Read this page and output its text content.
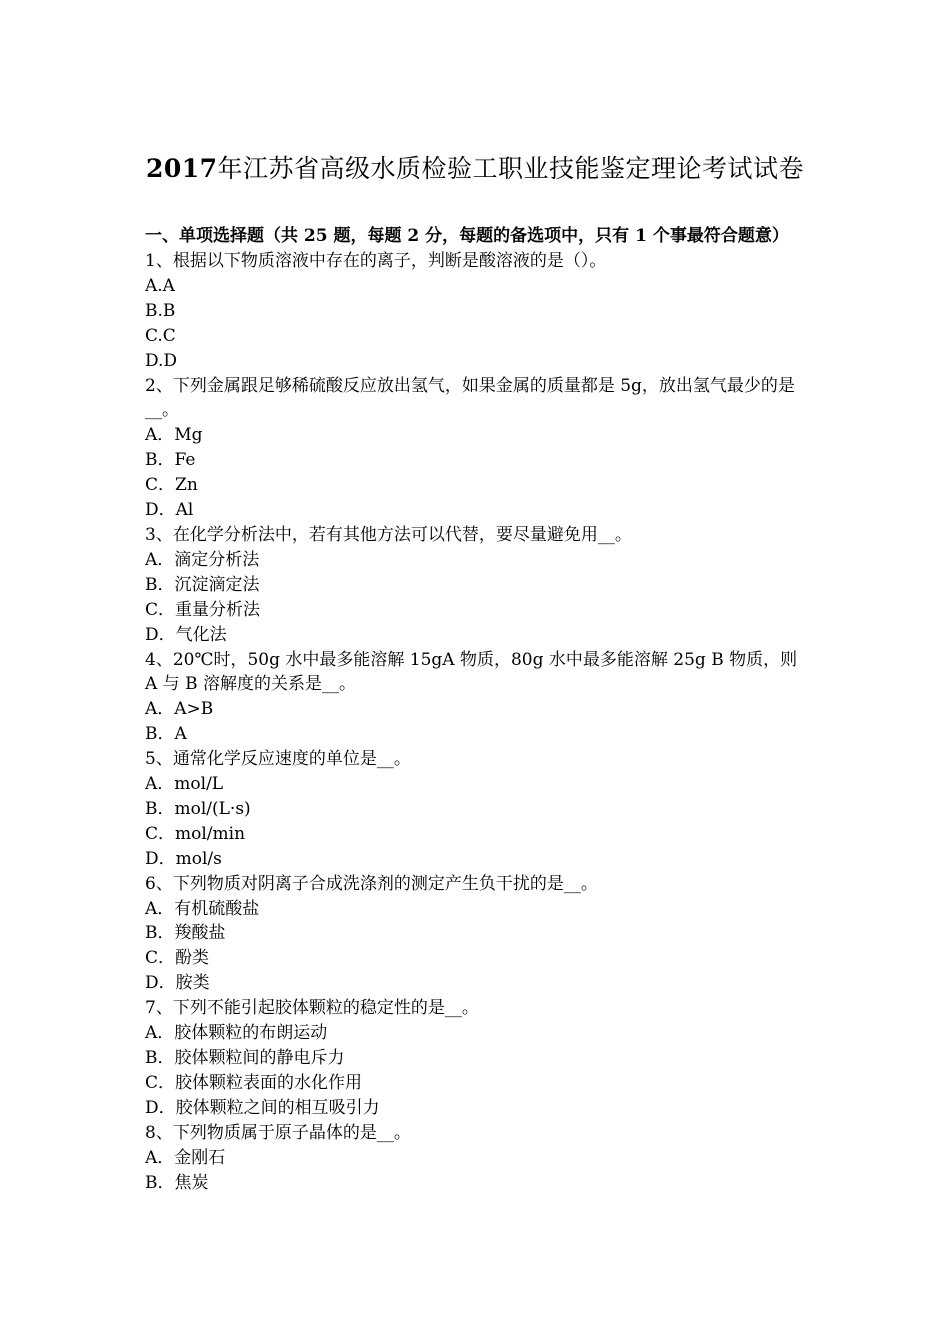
2017年江苏省高级水质检验工职业技能鉴定理论考试试卷
一、单项选择题（共 25 题，每题 2 分，每题的备选项中，只有 1 个事最符合题意）
1、根据以下物质溶液中存在的离子，判断是酸溶液的是（）。
A.A
B.B
C.C
D.D
2、下列金属跟足够稀硫酸反应放出氢气，如果金属的质量都是 5g，放出氢气最少的是__。
A．Mg
B．Fe
C．Zn
D．Al
3、在化学分析法中，若有其他方法可以代替，要尽量避免用__。
A．滴定分析法
B．沉淀滴定法
C．重量分析法
D．气化法
4、20℃时，50g 水中最多能溶解 15gA 物质，80g 水中最多能溶解 25g B 物质，则 A 与 B 溶解度的关系是__。
A．A>B
B．A
5、通常化学反应速度的单位是__。
A．mol/L
B．mol/(L·s)
C．mol/min
D．mol/s
6、下列物质对阴离子合成洗涤剂的测定产生负干扰的是__。
A．有机硫酸盐
B．羧酸盐
C．酚类
D．胺类
7、下列不能引起胶体颗粒的稳定性的是__。
A．胶体颗粒的布朗运动
B．胶体颗粒间的静电斥力
C．胶体颗粒表面的水化作用
D．胶体颗粒之间的相互吸引力
8、下列物质属于原子晶体的是__。
A．金刚石
B．焦炭
